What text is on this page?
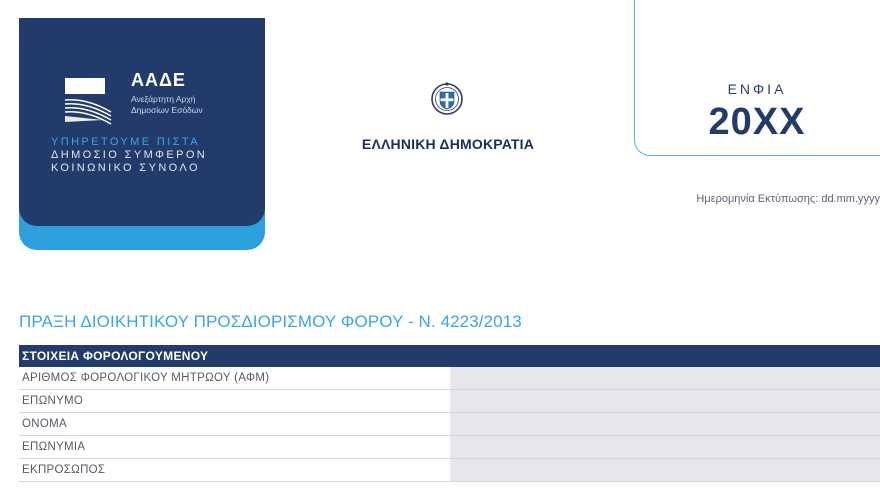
ΑΑΔΕ
Ανεξάρτητη Αρχή
Δημοσίων Εσόδων
ΥΠΗΡΕΤΟΥΜΕ ΠΙΣΤΑ
ΔΗΜΟΣΙΟ ΣΥΜΦΕΡΟΝ
ΚΟΙΝΩΝΙΚΟ ΣΥΝΟΛΟ
ΕΛΛΗΝΙΚΗ ΔΗΜΟΚΡΑΤΙΑ
ΕΝΦΙΑ
20XX
Ημερομηνία Εκτύπωσης: dd.mm.yyyy
ΠΡΑΞΗ ΔΙΟΙΚΗΤΙΚΟΥ ΠΡΟΣΔΙΟΡΙΣΜΟΥ ΦΟΡΟΥ - Ν. 4223/2013
ΣΤΟΙΧΕΙΑ ΦΟΡΟΛΟΓΟΥΜΕΝΟΥ
ΑΡΙΘΜΟΣ ΦΟΡΟΛΟΓΙΚΟΥ ΜΗΤΡΩΟΥ (ΑΦΜ)
ΕΠΩΝΥΜΟ
ΟΝΟΜΑ
ΕΠΩΝΥΜΙΑ
ΕΚΠΡΟΣΩΠΟΣ
